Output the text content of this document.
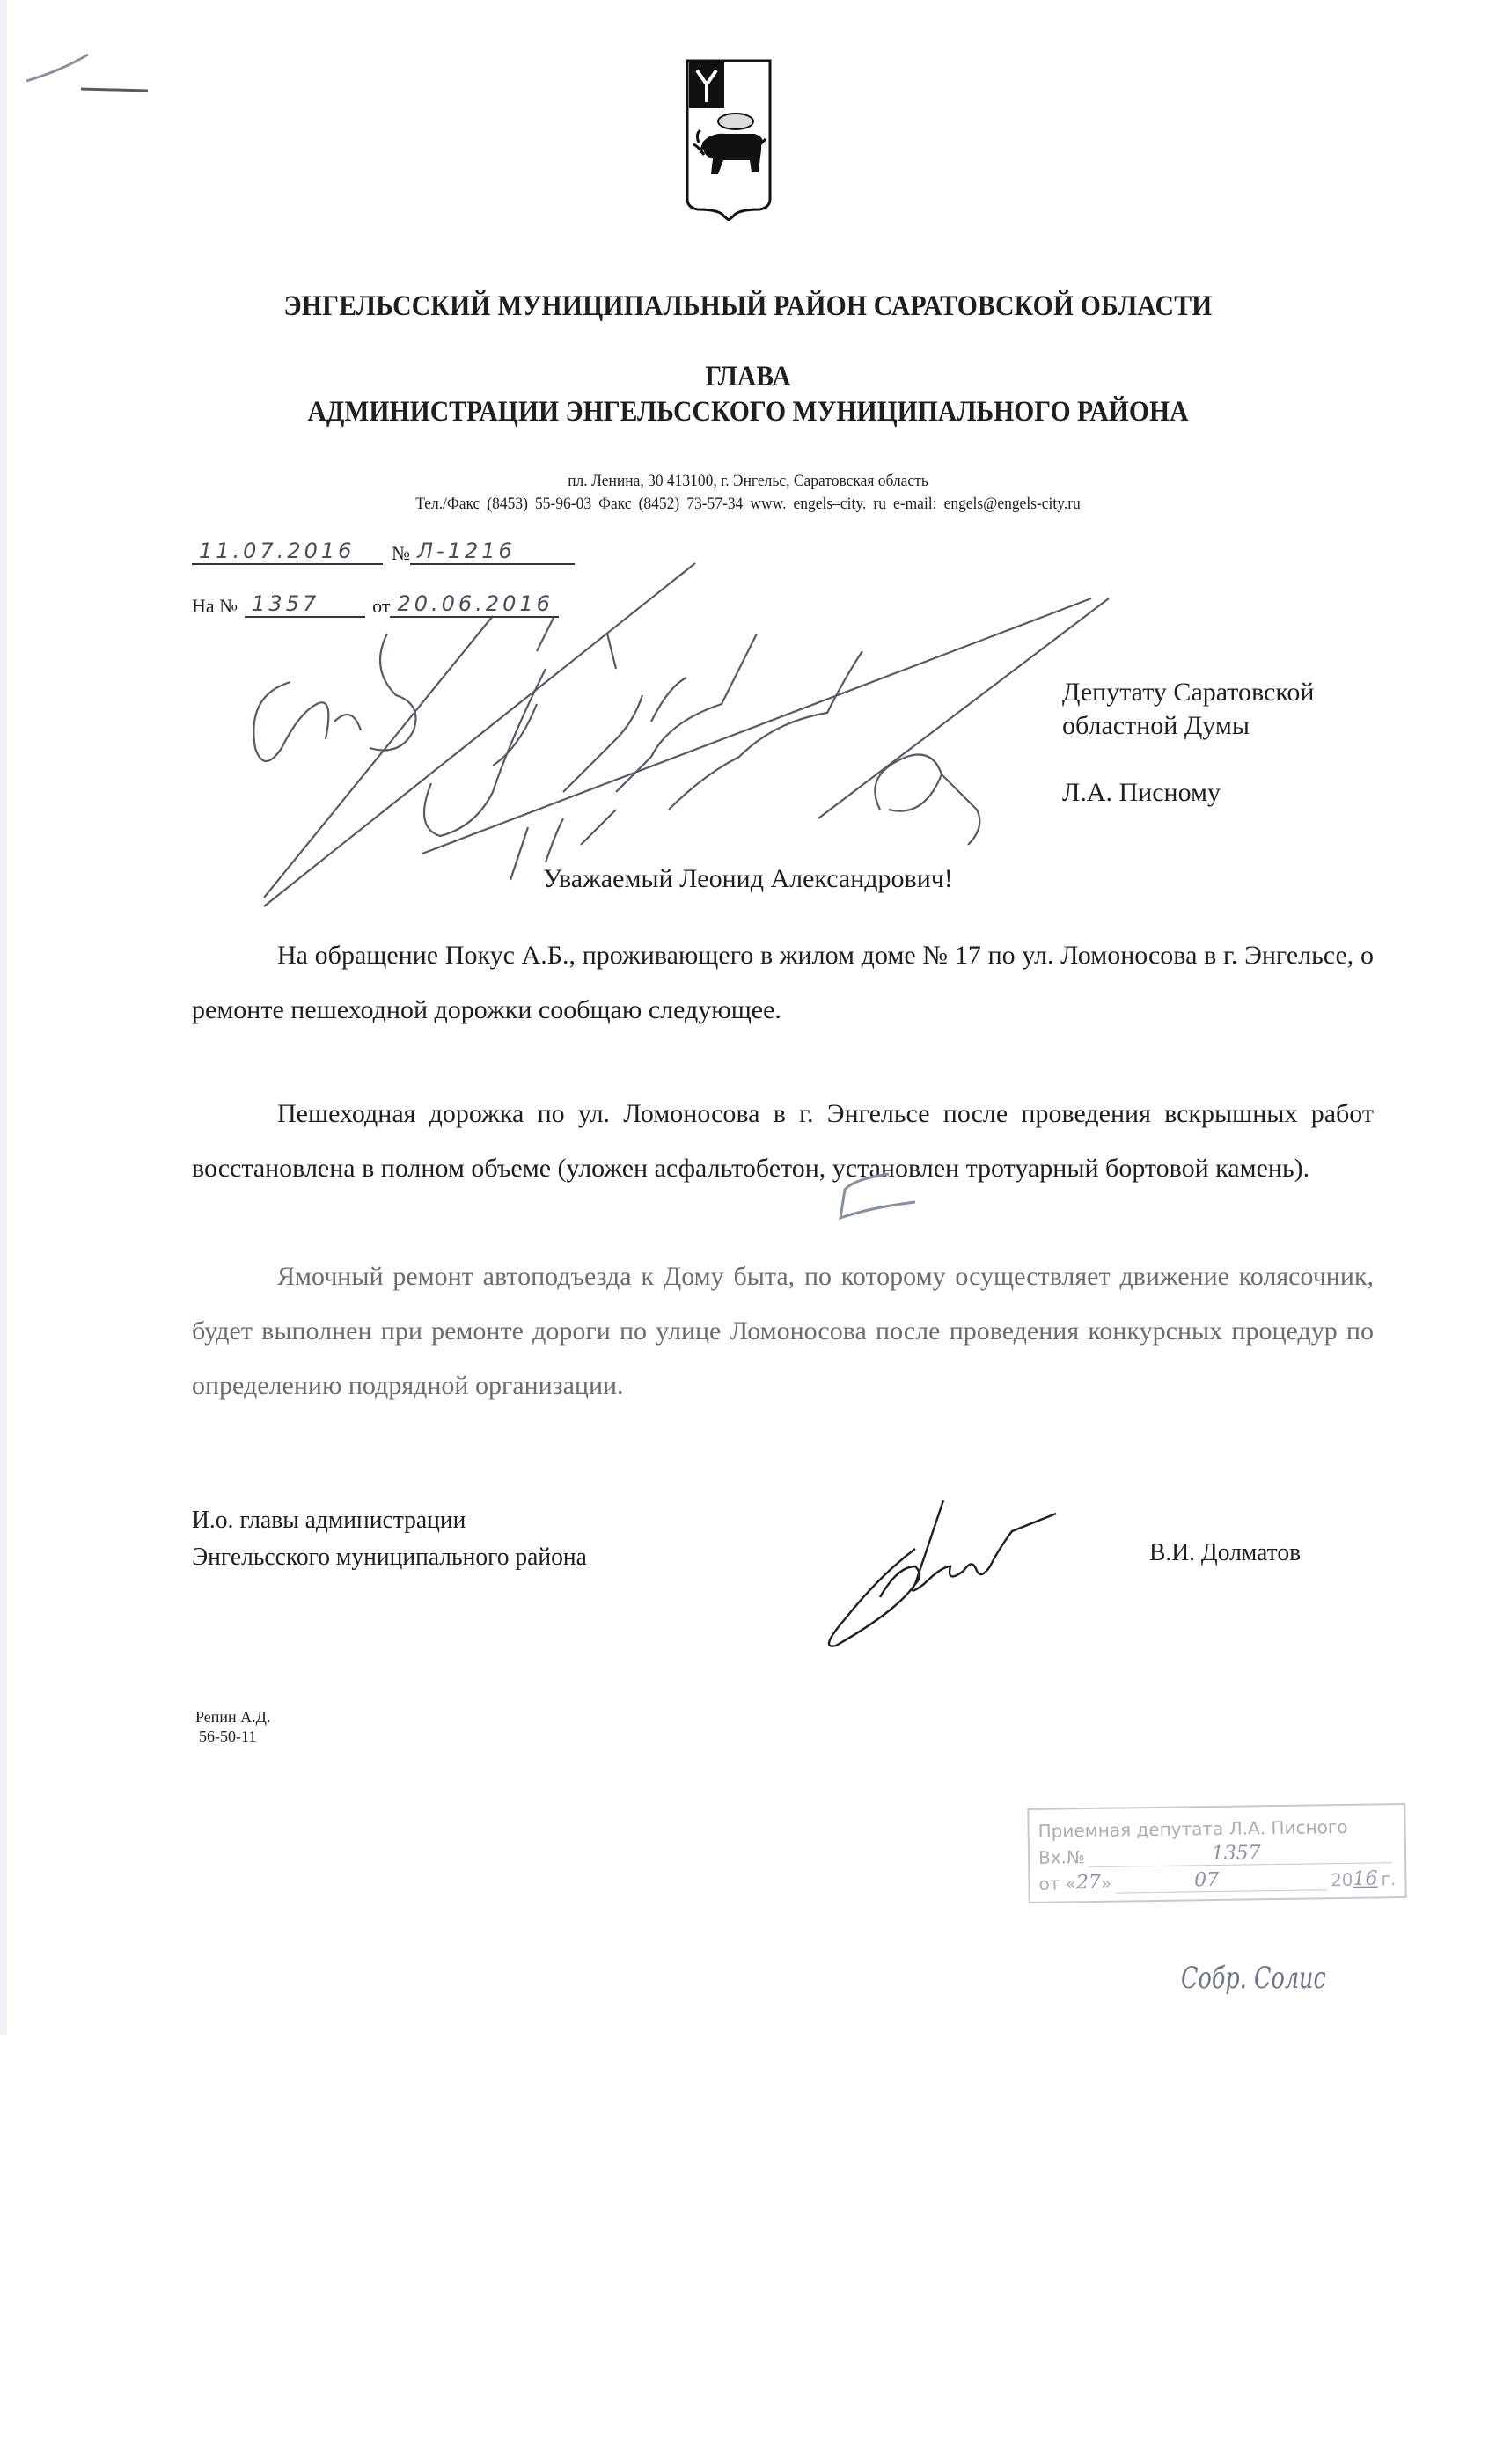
ЭНГЕЛЬССКИЙ МУНИЦИПАЛЬНЫЙ РАЙОН САРАТОВСКОЙ ОБЛАСТИ
ГЛАВА
АДМИНИСТРАЦИИ ЭНГЕЛЬССКОГО МУНИЦИПАЛЬНОГО РАЙОНА
пл. Ленина, 30 413100, г. Энгельс, Саратовская область
Тел./Факс (8453) 55-96-03 Факс (8452) 73-57-34 www. engels–city. ru e-mail: engels@engels-city.ru
11.07.2016	№ Л-1216
На № 1357	от 20.06.2016
Депутату Саратовской
областной Думы
Л.А. Писному
Уважаемый Леонид Александрович!
На обращение Покус А.Б., проживающего в жилом доме № 17 по ул. Ломоносова в г. Энгельсе, о ремонте пешеходной дорожки сообщаю следующее.
Пешеходная дорожка по ул. Ломоносова в г. Энгельсе после проведения вскрышных работ восстановлена в полном объеме (уложен асфальтобетон, установлен тротуарный бортовой камень).
Ямочный ремонт автоподъезда к Дому быта, по которому осуществляет движение колясочник, будет выполнен при ремонте дороги по улице Ломоносова после проведения конкурсных процедур по определению подрядной организации.
И.о. главы администрации
Энгельсского муниципального района	В.И. Долматов
Репин А.Д.
56-50-11
Приемная депутата Л.А. Писного
Вх.№	1357
от « 27 »	07	20 16 г.
Собр. Солис
